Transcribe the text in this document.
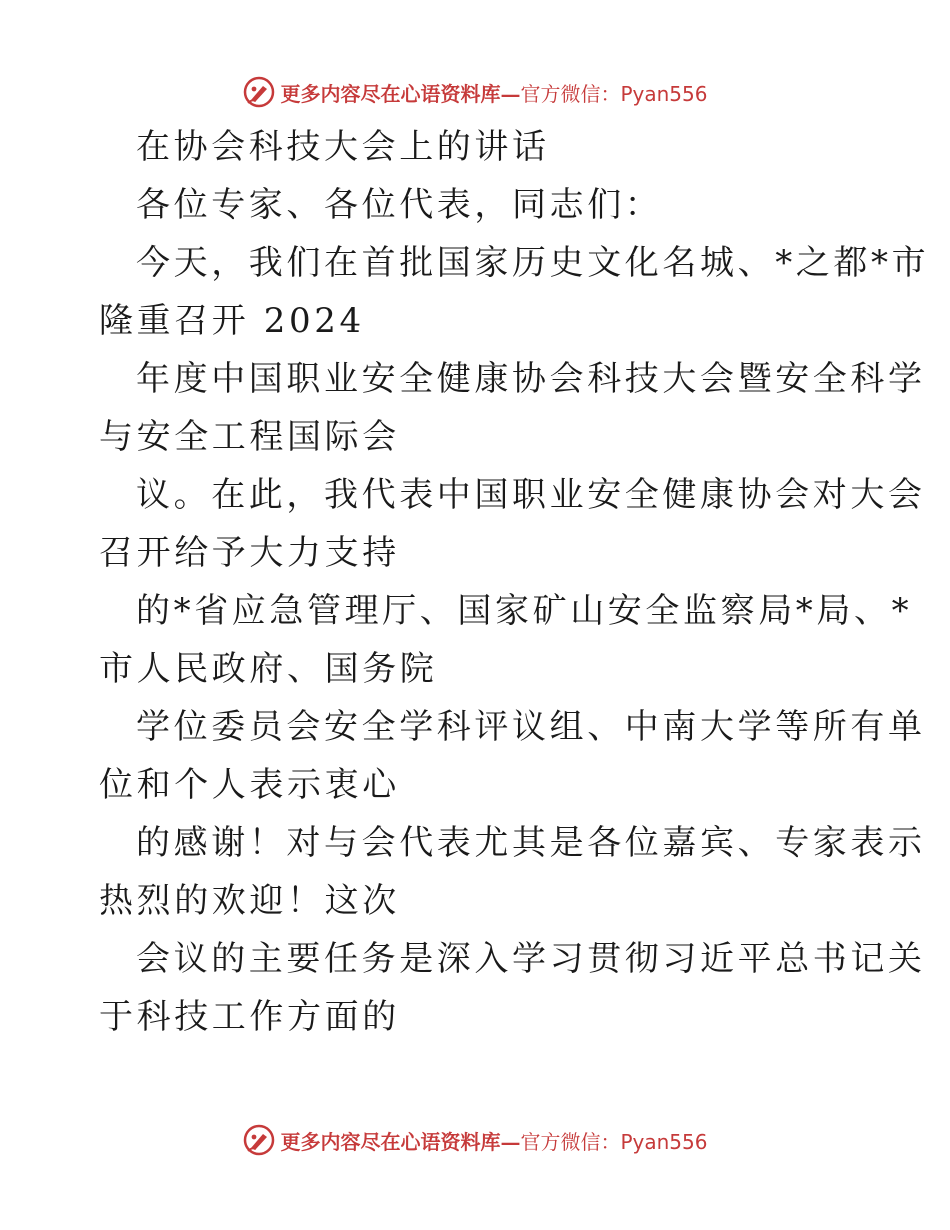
更多内容尽在心语资料库— 官方微信：Pyan556
在协会科技大会上的讲话
各位专家、各位代表，同志们：
今天，我们在首批国家历史文化名城、*之都*市
隆重召开 2024
年度中国职业安全健康协会科技大会暨安全科学
与安全工程国际会
议。在此，我代表中国职业安全健康协会对大会
召开给予大力支持
的*省应急管理厅、国家矿山安全监察局*局、*
市人民政府、国务院
学位委员会安全学科评议组、中南大学等所有单
位和个人表示衷心
的感谢！对与会代表尤其是各位嘉宾、专家表示
热烈的欢迎！这次
会议的主要任务是深入学习贯彻习近平总书记关
于科技工作方面的
更多内容尽在心语资料库— 官方微信：Pyan556
